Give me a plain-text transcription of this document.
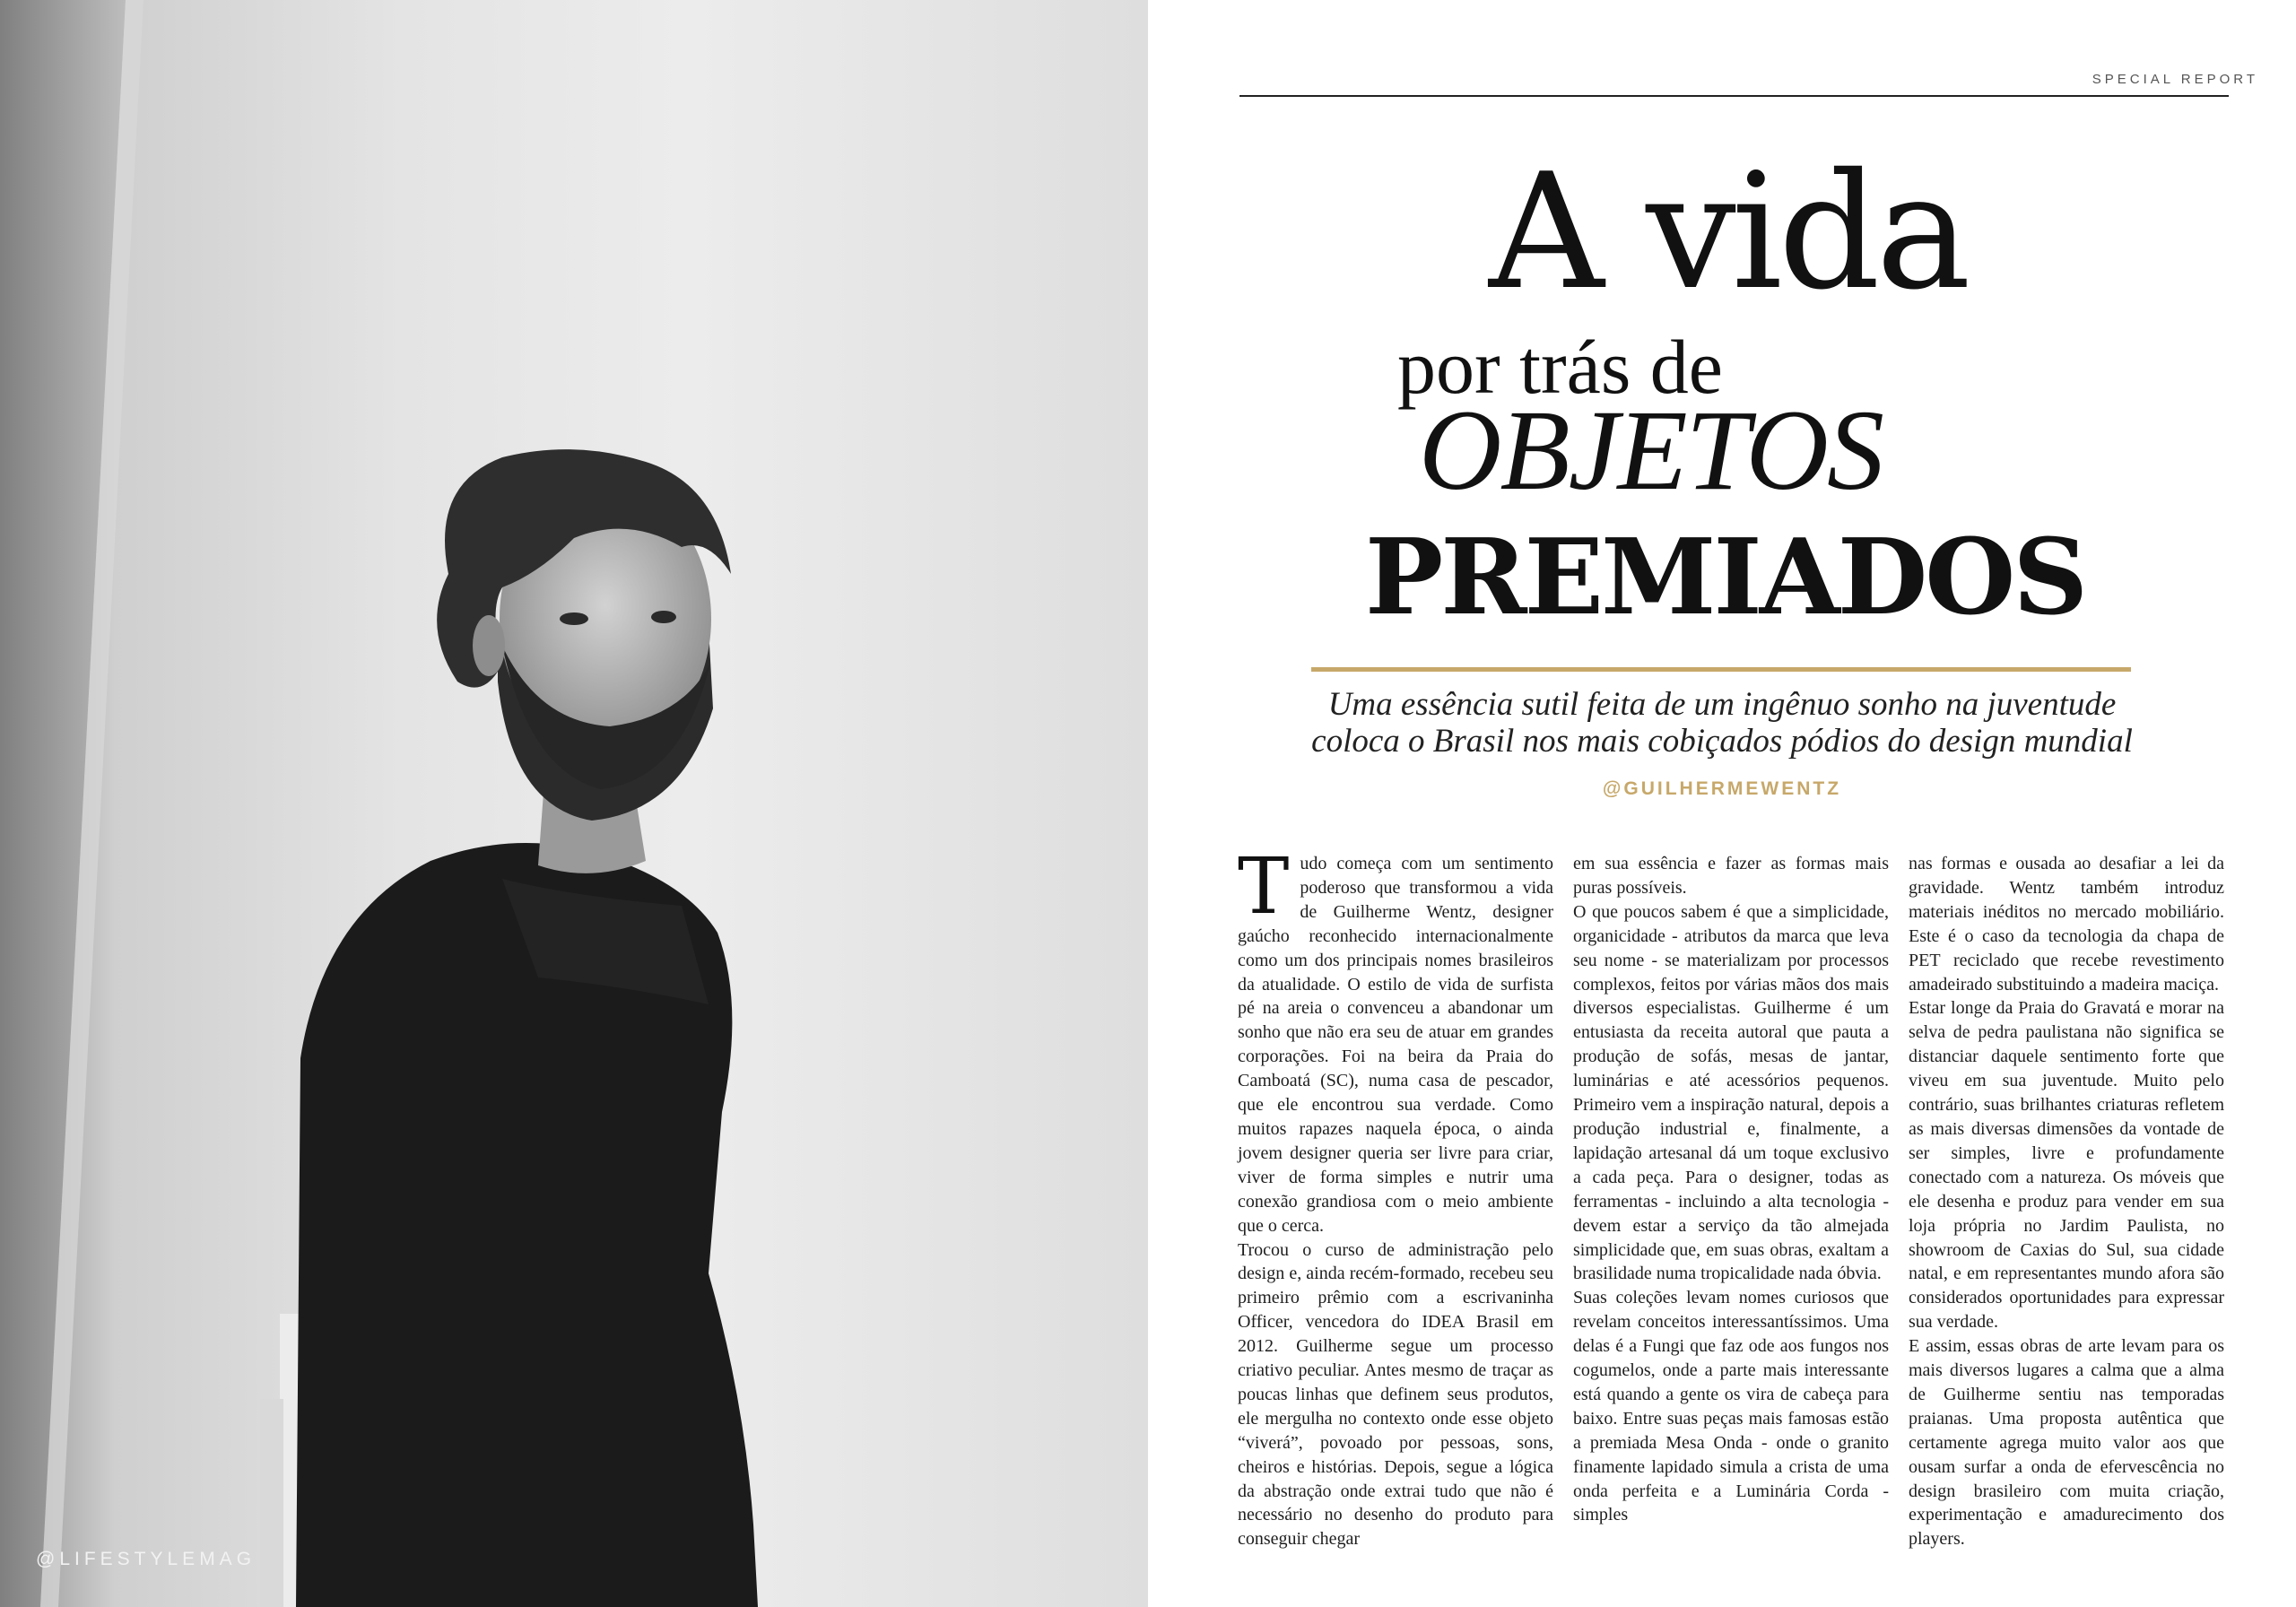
@LIFESTYLEMAG
SPECIAL REPORT
A vida
por trás de
OBJETOS
PREMIADOS
Uma essência sutil feita de um ingênuo sonho na juventude
coloca o Brasil nos mais cobiçados pódios do design mundial
@GUILHERMEWENTZ
T udo começa com um sentimento poderoso que transformou a vida de Guilherme Wentz, designer gaúcho reconhecido internacionalmente como um dos principais nomes brasileiros da atualidade. O estilo de vida de surfista pé na areia o convenceu a abandonar um sonho que não era seu de atuar em grandes corporações. Foi na beira da Praia do Camboatá (SC), numa casa de pescador, que ele encontrou sua verdade. Como muitos rapazes naquela época, o ainda jovem designer queria ser livre para criar, viver de forma simples e nutrir uma conexão grandiosa com o meio ambiente que o cerca.

Trocou o curso de administração pelo design e, ainda recém-formado, recebeu seu primeiro prêmio com a escrivaninha Officer, vencedora do IDEA Brasil em 2012. Guilherme segue um processo criativo peculiar. Antes mesmo de traçar as poucas linhas que definem seus produtos, ele mergulha no contexto onde esse objeto “viverá”, povoado por pessoas, sons, cheiros e histórias. Depois, segue a lógica da abstração onde extrai tudo que não é necessário no desenho do produto para conseguir chegar

em sua essência e fazer as formas mais puras possíveis.

O que poucos sabem é que a simplicidade, organicidade - atributos da marca que leva seu nome - se materializam por processos complexos, feitos por várias mãos dos mais diversos especialistas. Guilherme é um entusiasta da receita autoral que pauta a produção de sofás, mesas de jantar, luminárias e até acessórios pequenos. Primeiro vem a inspiração natural, depois a produção industrial e, finalmente, a lapidação artesanal dá um toque exclusivo a cada peça. Para o designer, todas as ferramentas - incluindo a alta tecnologia - devem estar a serviço da tão almejada simplicidade que, em suas obras, exaltam a brasilidade numa tropicalidade nada óbvia.

Suas coleções levam nomes curiosos que revelam conceitos interessantíssimos. Uma delas é a Fungi que faz ode aos fungos nos cogumelos, onde a parte mais interessante está quando a gente os vira de cabeça para baixo. Entre suas peças mais famosas estão a premiada Mesa Onda - onde o granito finamente lapidado simula a crista de uma onda perfeita e a Luminária Corda - simples

nas formas e ousada ao desafiar a lei da gravidade. Wentz também introduz materiais inéditos no mercado mobiliário. Este é o caso da tecnologia da chapa de PET reciclado que recebe revestimento amadeirado substituindo a madeira maciça.

Estar longe da Praia do Gravatá e morar na selva de pedra paulistana não significa se distanciar daquele sentimento forte que viveu em sua juventude. Muito pelo contrário, suas brilhantes criaturas refletem as mais diversas dimensões da vontade de ser simples, livre e profundamente conectado com a natureza. Os móveis que ele desenha e produz para vender em sua loja própria no Jardim Paulista, no showroom de Caxias do Sul, sua cidade natal, e em representantes mundo afora são considerados oportunidades para expressar sua verdade.

E assim, essas obras de arte levam para os mais diversos lugares a calma que a alma de Guilherme sentiu nas temporadas praianas. Uma proposta autêntica que certamente agrega muito valor aos que ousam surfar a onda de efervescência no design brasileiro com muita criação, experimentação e amadurecimento dos players.
